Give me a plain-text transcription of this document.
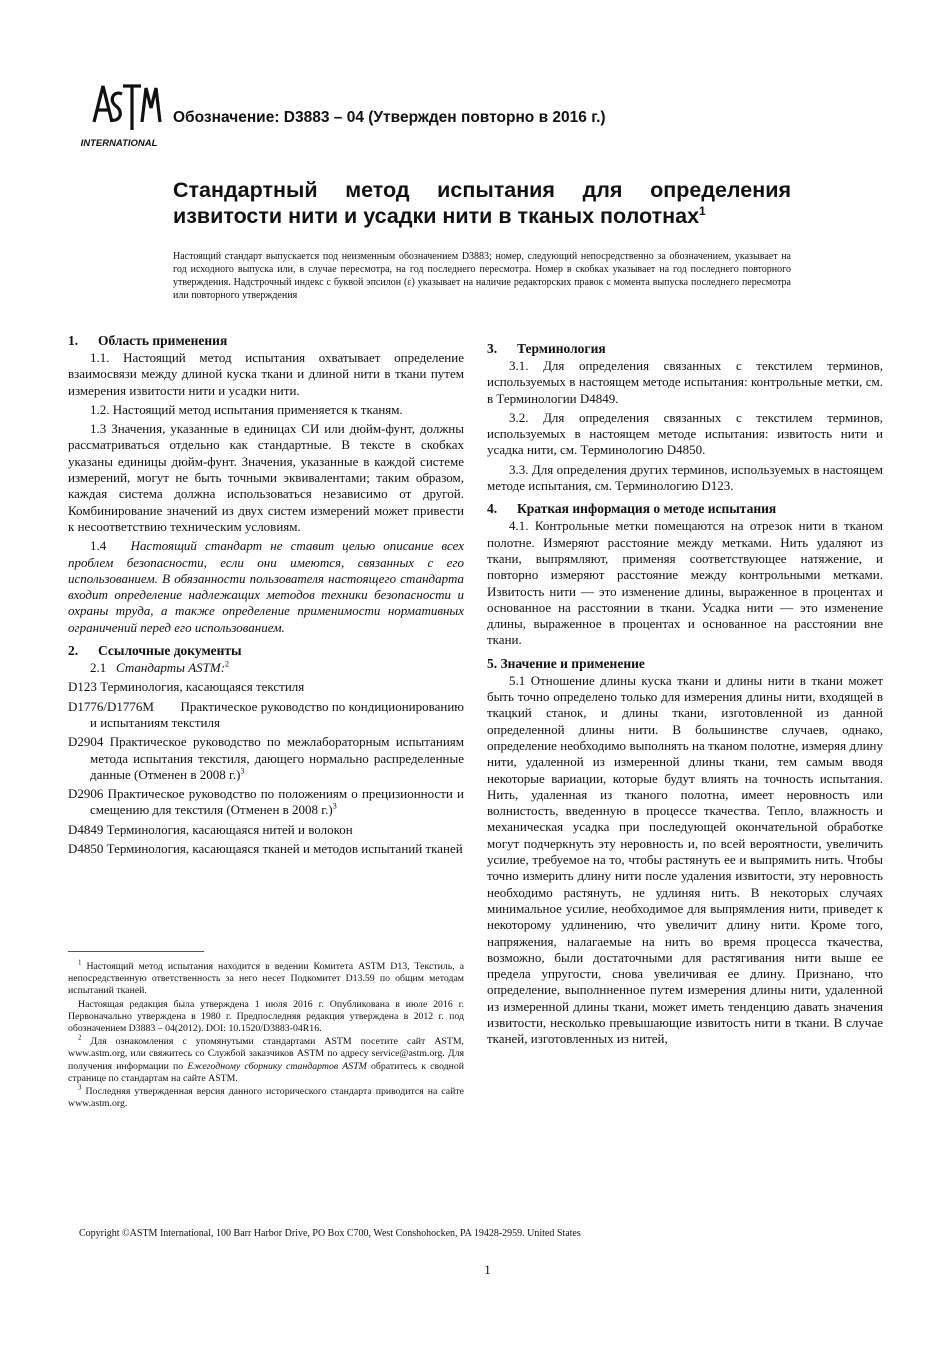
INTERNATIONAL
Обозначение: D3883 – 04 (Утвержден повторно в 2016 г.)
Стандартный метод испытания для определения извитости нити и усадки нити в тканых полотнах$^1$
Настоящий стандарт выпускается под неизменным обозначением D3883; номер, следующий непосредственно за обозначением, указывает на год исходного выпуска или, в случае пересмотра, на год последнего пересмотра. Номер в скобках указывает на год последнего повторного утверждения. Надстрочный индекс с буквой эпсилон (ε) указывает на наличие редакторских правок с момента выпуска последнего пересмотра или повторного утверждения
1. Область применения

1.1. Настоящий метод испытания охватывает определение взаимосвязи между длиной куска ткани и длиной нити в ткани путем измерения извитости нити и усадки нити.

1.2. Настоящий метод испытания применяется к тканям.

1.3 Значения, указанные в единицах СИ или дюйм-фунт, должны рассматриваться отдельно как стандартные. В тексте в скобках указаны единицы дюйм-фунт. Значения, указанные в каждой системе измерений, могут не быть точными эквивалентами; таким образом, каждая система должна использоваться независимо от другой. Комбинирование значений из двух систем измерений может привести к несоответствию техническим условиям.

1.4 Настоящий стандарт не ставит целью описание всех проблем безопасности, если они имеются, связанных с его использованием. В обязанности пользователя настоящего стандарта входит определение надлежащих методов техники безопасности и охраны труда, а также определение применимости нормативных ограничений перед его использованием.

2. Ссылочные документы

2.1 Стандарты ASTM:$^2$

D123 Терминология, касающаяся текстиля

D1776/D1776M Практическое руководство по кондиционированию и испытаниям текстиля

D2904 Практическое руководство по межлабораторным испытаниям метода испытания текстиля, дающего нормально распределенные данные (Отменен в 2008 г.)$^3$

D2906 Практическое руководство по положениям о прецизионности и смещению для текстиля (Отменен в 2008 г.)$^3$

D4849 Терминология, касающаяся нитей и волокон

D4850 Терминология, касающаяся тканей и методов испытаний тканей

$^1$ Настоящий метод испытания находится в ведении Комитета ASTM D13, Текстиль, а непосредственную ответственность за него несет Подкомитет D13.59 по общим методам испытаний тканей.

Настоящая редакция была утверждена 1 июля 2016 г. Опубликована в июле 2016 г. Первоначально утверждена в 1980 г. Предпоследняя редакция утверждена в 2012 г. под обозначением D3883 – 04(2012). DOI: 10.1520/D3883-04R16.

$^2$ Для ознакомления с упомянутыми стандартами ASTM посетите сайт ASTM, www.astm.org, или свяжитесь со Службой заказчиков ASTM по адресу service@astm.org. Для получения информации по Ежегодному сборнику стандартов ASTM обратитесь к сводной странице по стандартам на сайте ASTM.

$^3$ Последняя утвержденная версия данного исторического стандарта приводится на сайте www.astm.org.

3. Терминология

3.1. Для определения связанных с текстилем терминов, используемых в настоящем методе испытания: контрольные метки, см. в Терминологии D4849.

3.2. Для определения связанных с текстилем терминов, используемых в настоящем методе испытания: извитость нити и усадка нити, см. Терминологию D4850.

3.3. Для определения других терминов, используемых в настоящем методе испытания, см. Терминологию D123.

4. Краткая информация о методе испытания

4.1. Контрольные метки помещаются на отрезок нити в тканом полотне. Измеряют расстояние между метками. Нить удаляют из ткани, выпрямляют, применяя соответствующее натяжение, и повторно измеряют расстояние между контрольными метками. Извитость нити — это изменение длины, выраженное в процентах и основанное на расстоянии в ткани. Усадка нити — это изменение длины, выраженное в процентах и основанное на расстоянии вне ткани.

5. Значение и применение

5.1 Отношение длины куска ткани и длины нити в ткани может быть точно определено только для измерения длины нити, входящей в ткацкий станок, и длины ткани, изготовленной из данной определенной длины нити. В большинстве случаев, однако, определение необходимо выполнять на тканом полотне, измеряя длину нити, удаленной из измеренной длины ткани, тем самым вводя некоторые вариации, которые будут влиять на точность испытания. Нить, удаленная из тканого полотна, имеет неровность или волнистость, введенную в процессе ткачества. Тепло, влажность и механическая усадка при последующей окончательной обработке могут подчеркнуть эту неровность и, по всей вероятности, увеличить усилие, требуемое на то, чтобы растянуть ее и выпрямить нить. Чтобы точно измерить длину нити после удаления извитости, эту неровность необходимо растянуть, не удлиняя нить. В некоторых случаях минимальное усилие, необходимое для выпрямления нити, приведет к некоторому удлинению, что увеличит длину нити. Кроме того, напряжения, налагаемые на нить во время процесса ткачества, возможно, были достаточными для растягивания нити выше ее предела упругости, снова увеличивая ее длину. Признано, что определение, выполнненное путем измерения длины нити, удаленной из измеренной длины ткани, может иметь тенденцию давать значения извитости, несколько превышающие извитость нити в ткани. В случае тканей, изготовленных из нитей,

Copyright ©ASTM International, 100 Barr Harbor Drive, PO Box C700, West Conshohocken, PA 19428-2959. United States
1
